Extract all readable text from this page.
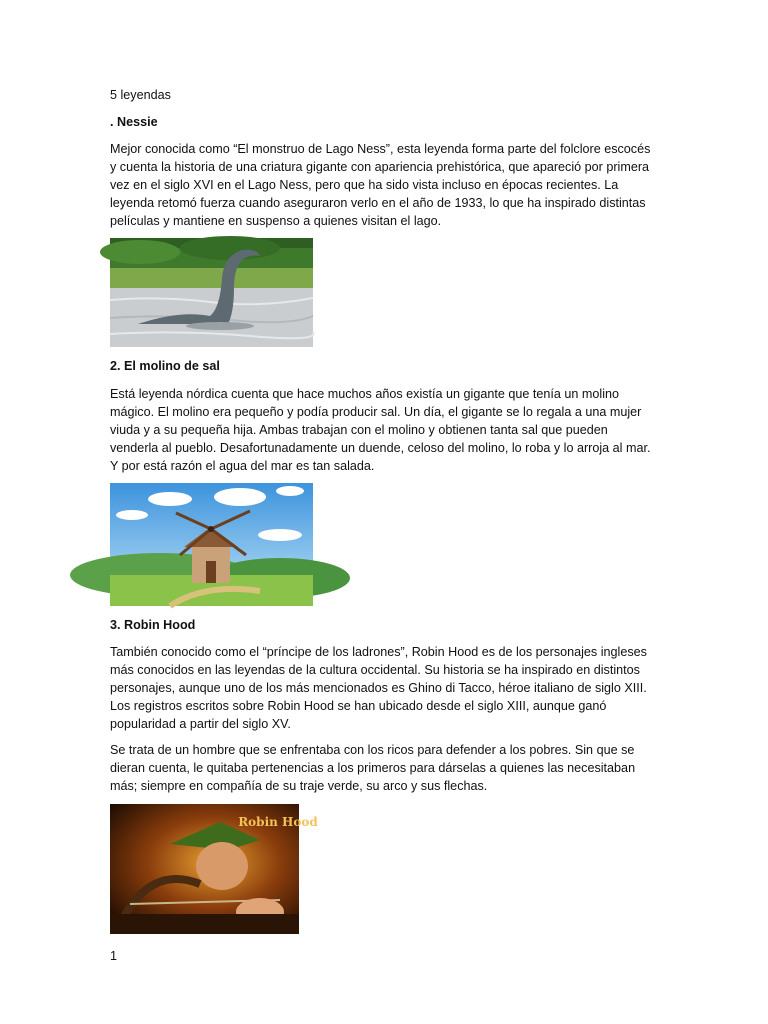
5 leyendas

. Nessie

Mejor conocida como “El monstruo de Lago Ness”, esta leyenda forma parte del folclore escocés y cuenta la historia de una criatura gigante con apariencia prehistórica, que apareció por primera vez en el siglo XVI en el Lago Ness, pero que ha sido vista incluso en épocas recientes. La leyenda retomó fuerza cuando aseguraron verlo en el año de 1933, lo que ha inspirado distintas películas y mantiene en suspenso a quienes visitan el lago.

2. El molino de sal

Está leyenda nórdica cuenta que hace muchos años existía un gigante que tenía un molino mágico. El molino era pequeño y podía producir sal. Un día, el gigante se lo regala a una mujer viuda y a su pequeña hija. Ambas trabajan con el molino y obtienen tanta sal que pueden venderla al pueblo. Desafortunadamente un duende, celoso del molino, lo roba y lo arroja al mar. Y por está razón el agua del mar es tan salada.

3. Robin Hood

También conocido como el “príncipe de los ladrones”, Robin Hood es de los personajes ingleses más conocidos en las leyendas de la cultura occidental. Su historia se ha inspirado en distintos personajes, aunque uno de los más mencionados es Ghino di Tacco, héroe italiano de siglo XIII. Los registros escritos sobre Robin Hood se han ubicado desde el siglo XIII, aunque ganó popularidad a partir del siglo XV.

Se trata de un hombre que se enfrentaba con los ricos para defender a los pobres. Sin que se dieran cuenta, le quitaba pertenencias a los primeros para dárselas a quienes las necesitaban más; siempre en compañía de su traje verde, su arco y sus flechas.

Robin Hood

1
